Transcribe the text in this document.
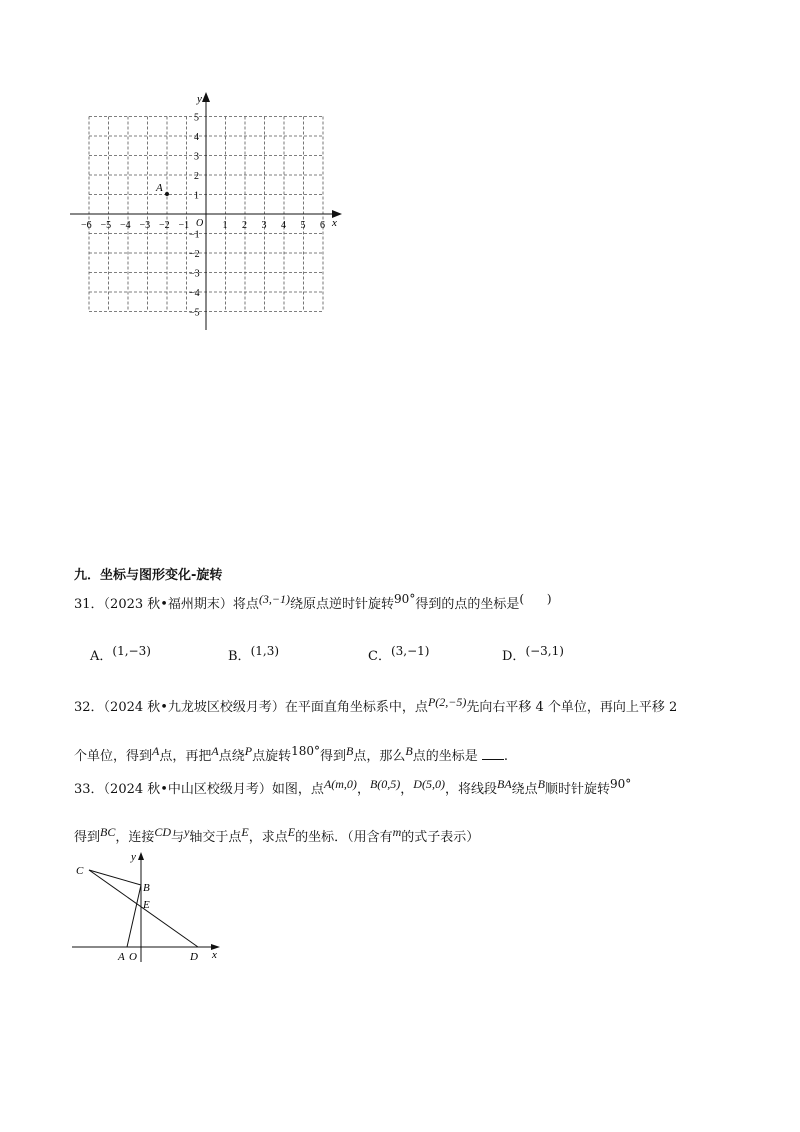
x
y
O
−6 −5 −4 −3 −2 −1	1 2 3 4 5 6
5
4
3
2
1
−1
−2
−3
−4
−5
A
九．坐标与图形变化-旋转
31．（2023 秋•福州期末）将点(3,−1)绕原点逆时针旋转90°得到的点的坐标是(      )
A．(1,−3)	B．(1,3)	C．(3,−1)	D．(−3,1)
32．（2024 秋•九龙坡区校级月考）在平面直角坐标系中，点P(2,−5)先向右平移 4 个单位，再向上平移 2
个单位，得到A点，再把A点绕P点旋转180°得到B点，那么B点的坐标是 .
33．（2024 秋•中山区校级月考）如图，点A(m,0)，B(0,5)，D(5,0)，将线段BA绕点B顺时针旋转90°
得到BC，连接CD与y轴交于点E，求点E的坐标．（用含有m的式子表示）
C
B
E
A O	D x
y
